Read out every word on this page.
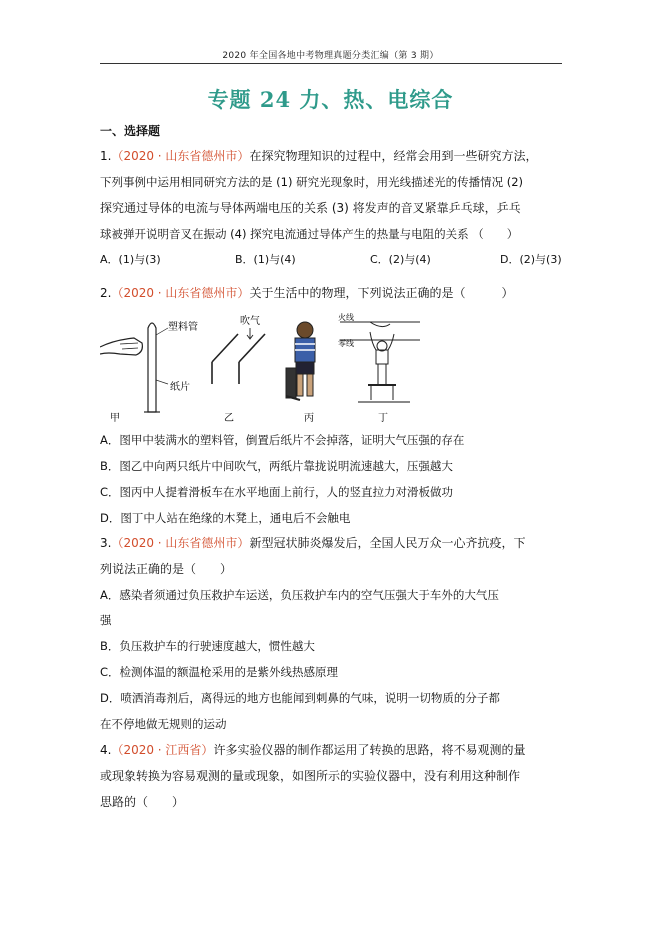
2020 年全国各地中考物理真题分类汇编（第 3 期）
专题 24 力、热、电综合
一、选择题
1.（2020 · 山东省德州市）在探究物理知识的过程中，经常会用到一些研究方法，
下列事例中运用相同研究方法的是 (1) 研究光现象时，用光线描述光的传播情况 (2)
探究通过导体的电流与导体两端电压的关系 (3) 将发声的音叉紧靠乒乓球，乒乓
球被弹开说明音叉在振动 (4) 探究电流通过导体产生的热量与电阻的关系 （　　）
A．(1)与(3)	B．(1)与(4)	C．(2)与(4)	D．(2)与(3)
2.（2020 · 山东省德州市）关于生活中的物理，下列说法正确的是（　　　）
塑料管
纸片
甲
吹气
乙	丙
火线
零线
丁
A．图甲中装满水的塑料管，倒置后纸片不会掉落，证明大气压强的存在
B．图乙中向两只纸片中间吹气，两纸片靠拢说明流速越大，压强越大
C．图丙中人提着滑板车在水平地面上前行，人的竖直拉力对滑板做功
D．图丁中人站在绝缘的木凳上，通电后不会触电
3.（2020 · 山东省德州市）新型冠状肺炎爆发后，全国人民万众一心齐抗疫，下
列说法正确的是（　　）
A．感染者须通过负压救护车运送，负压救护车内的空气压强大于车外的大气压
强
B．负压救护车的行驶速度越大，惯性越大
C．检测体温的额温枪采用的是紫外线热感原理
D．喷洒消毒剂后，离得远的地方也能闻到刺鼻的气味，说明一切物质的分子都
在不停地做无规则的运动
4.（2020 · 江西省）许多实验仪器的制作都运用了转换的思路，将不易观测的量
或现象转换为容易观测的量或现象，如图所示的实验仪器中，没有利用这种制作
思路的（　　）
